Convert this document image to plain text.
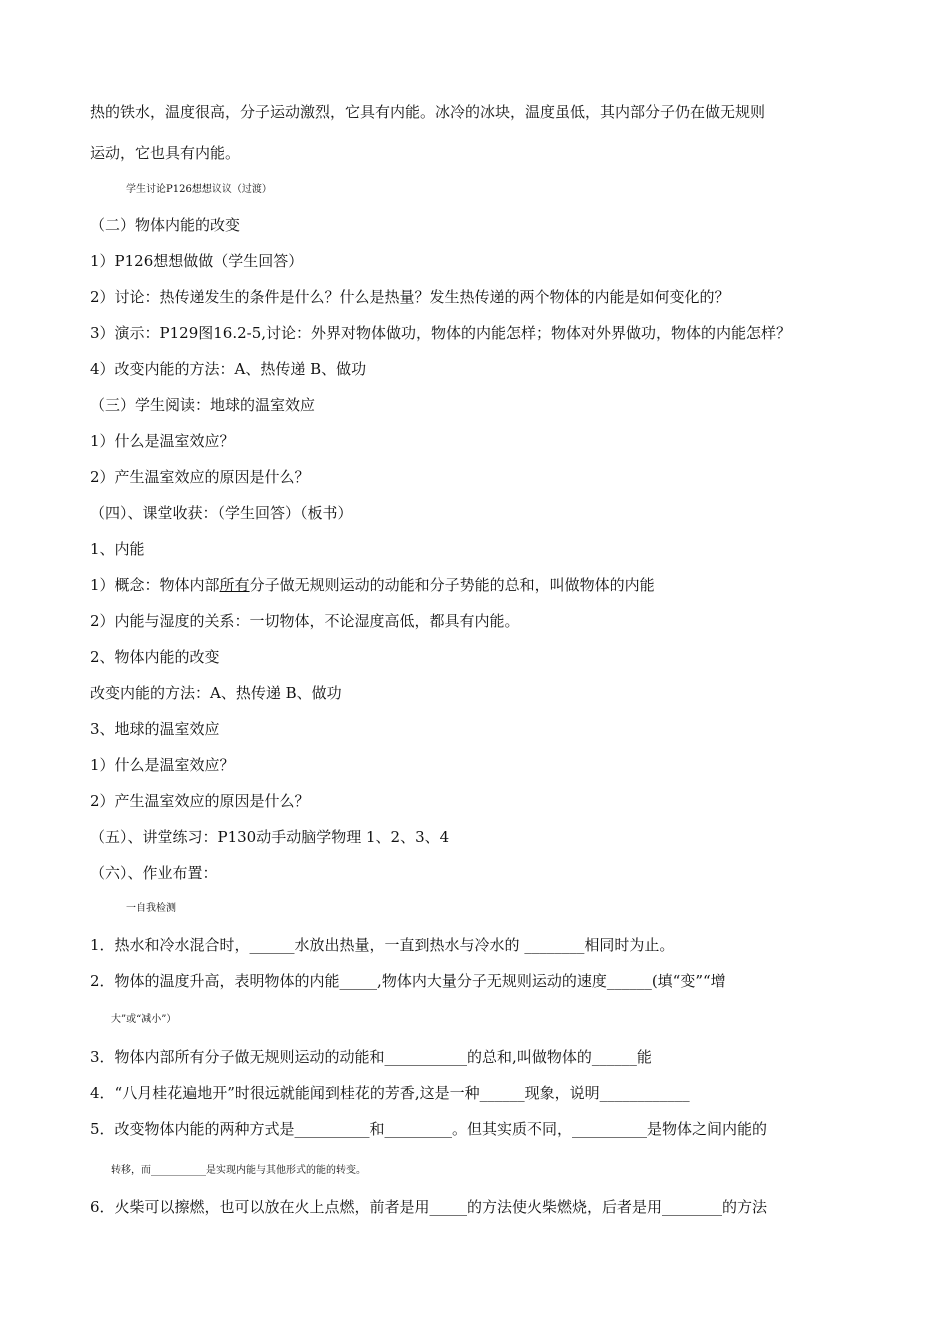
热的铁水，温度很高，分子运动激烈，它具有内能。冰冷的冰块，温度虽低，其内部分子仍在做无规则
运动，它也具有内能。
学生讨论P126想想议议（过渡）
（二）物体内能的改变
1）P126想想做做（学生回答）
2）讨论：热传递发生的条件是什么？什么是热量？发生热传递的两个物体的内能是如何变化的？
3）演示：P129图16.2-5,讨论：外界对物体做功，物体的内能怎样；物体对外界做功，物体的内能怎样？
4）改变内能的方法：A、热传递 B、做功
（三）学生阅读：地球的温室效应
1）什么是温室效应？
2）产生温室效应的原因是什么？
（四）、课堂收获：（学生回答）（板书）
1、内能
1）概念：物体内部所有分子做无规则运动的动能和分子势能的总和，叫做物体的内能
2）内能与湿度的关系：一切物体，不论湿度高低，都具有内能。
2、物体内能的改变
改变内能的方法：A、热传递 B、做功
3、地球的温室效应
1）什么是温室效应？
2）产生温室效应的原因是什么？
（五）、讲堂练习：P130动手动脑学物理 1、2、3、4
（六）、作业布置：
一自我检测
1．热水和冷水混合时，______水放出热量，一直到热水与冷水的 ________相同时为止。
2．物体的温度升高，表明物体的内能_____,物体内大量分子无规则运动的速度______(填“变”“增
大”或“减小”）
3．物体内部所有分子做无规则运动的动能和___________的总和,叫做物体的______能
4．“八月桂花遍地开”时很远就能闻到桂花的芳香,这是一种______现象，说明____________
5．改变物体内能的两种方式是__________和_________。但其实质不同，__________是物体之间内能的
转移，而___________是实现内能与其他形式的能的转变。
6．火柴可以擦燃，也可以放在火上点燃，前者是用_____的方法使火柴燃烧，后者是用________的方法
